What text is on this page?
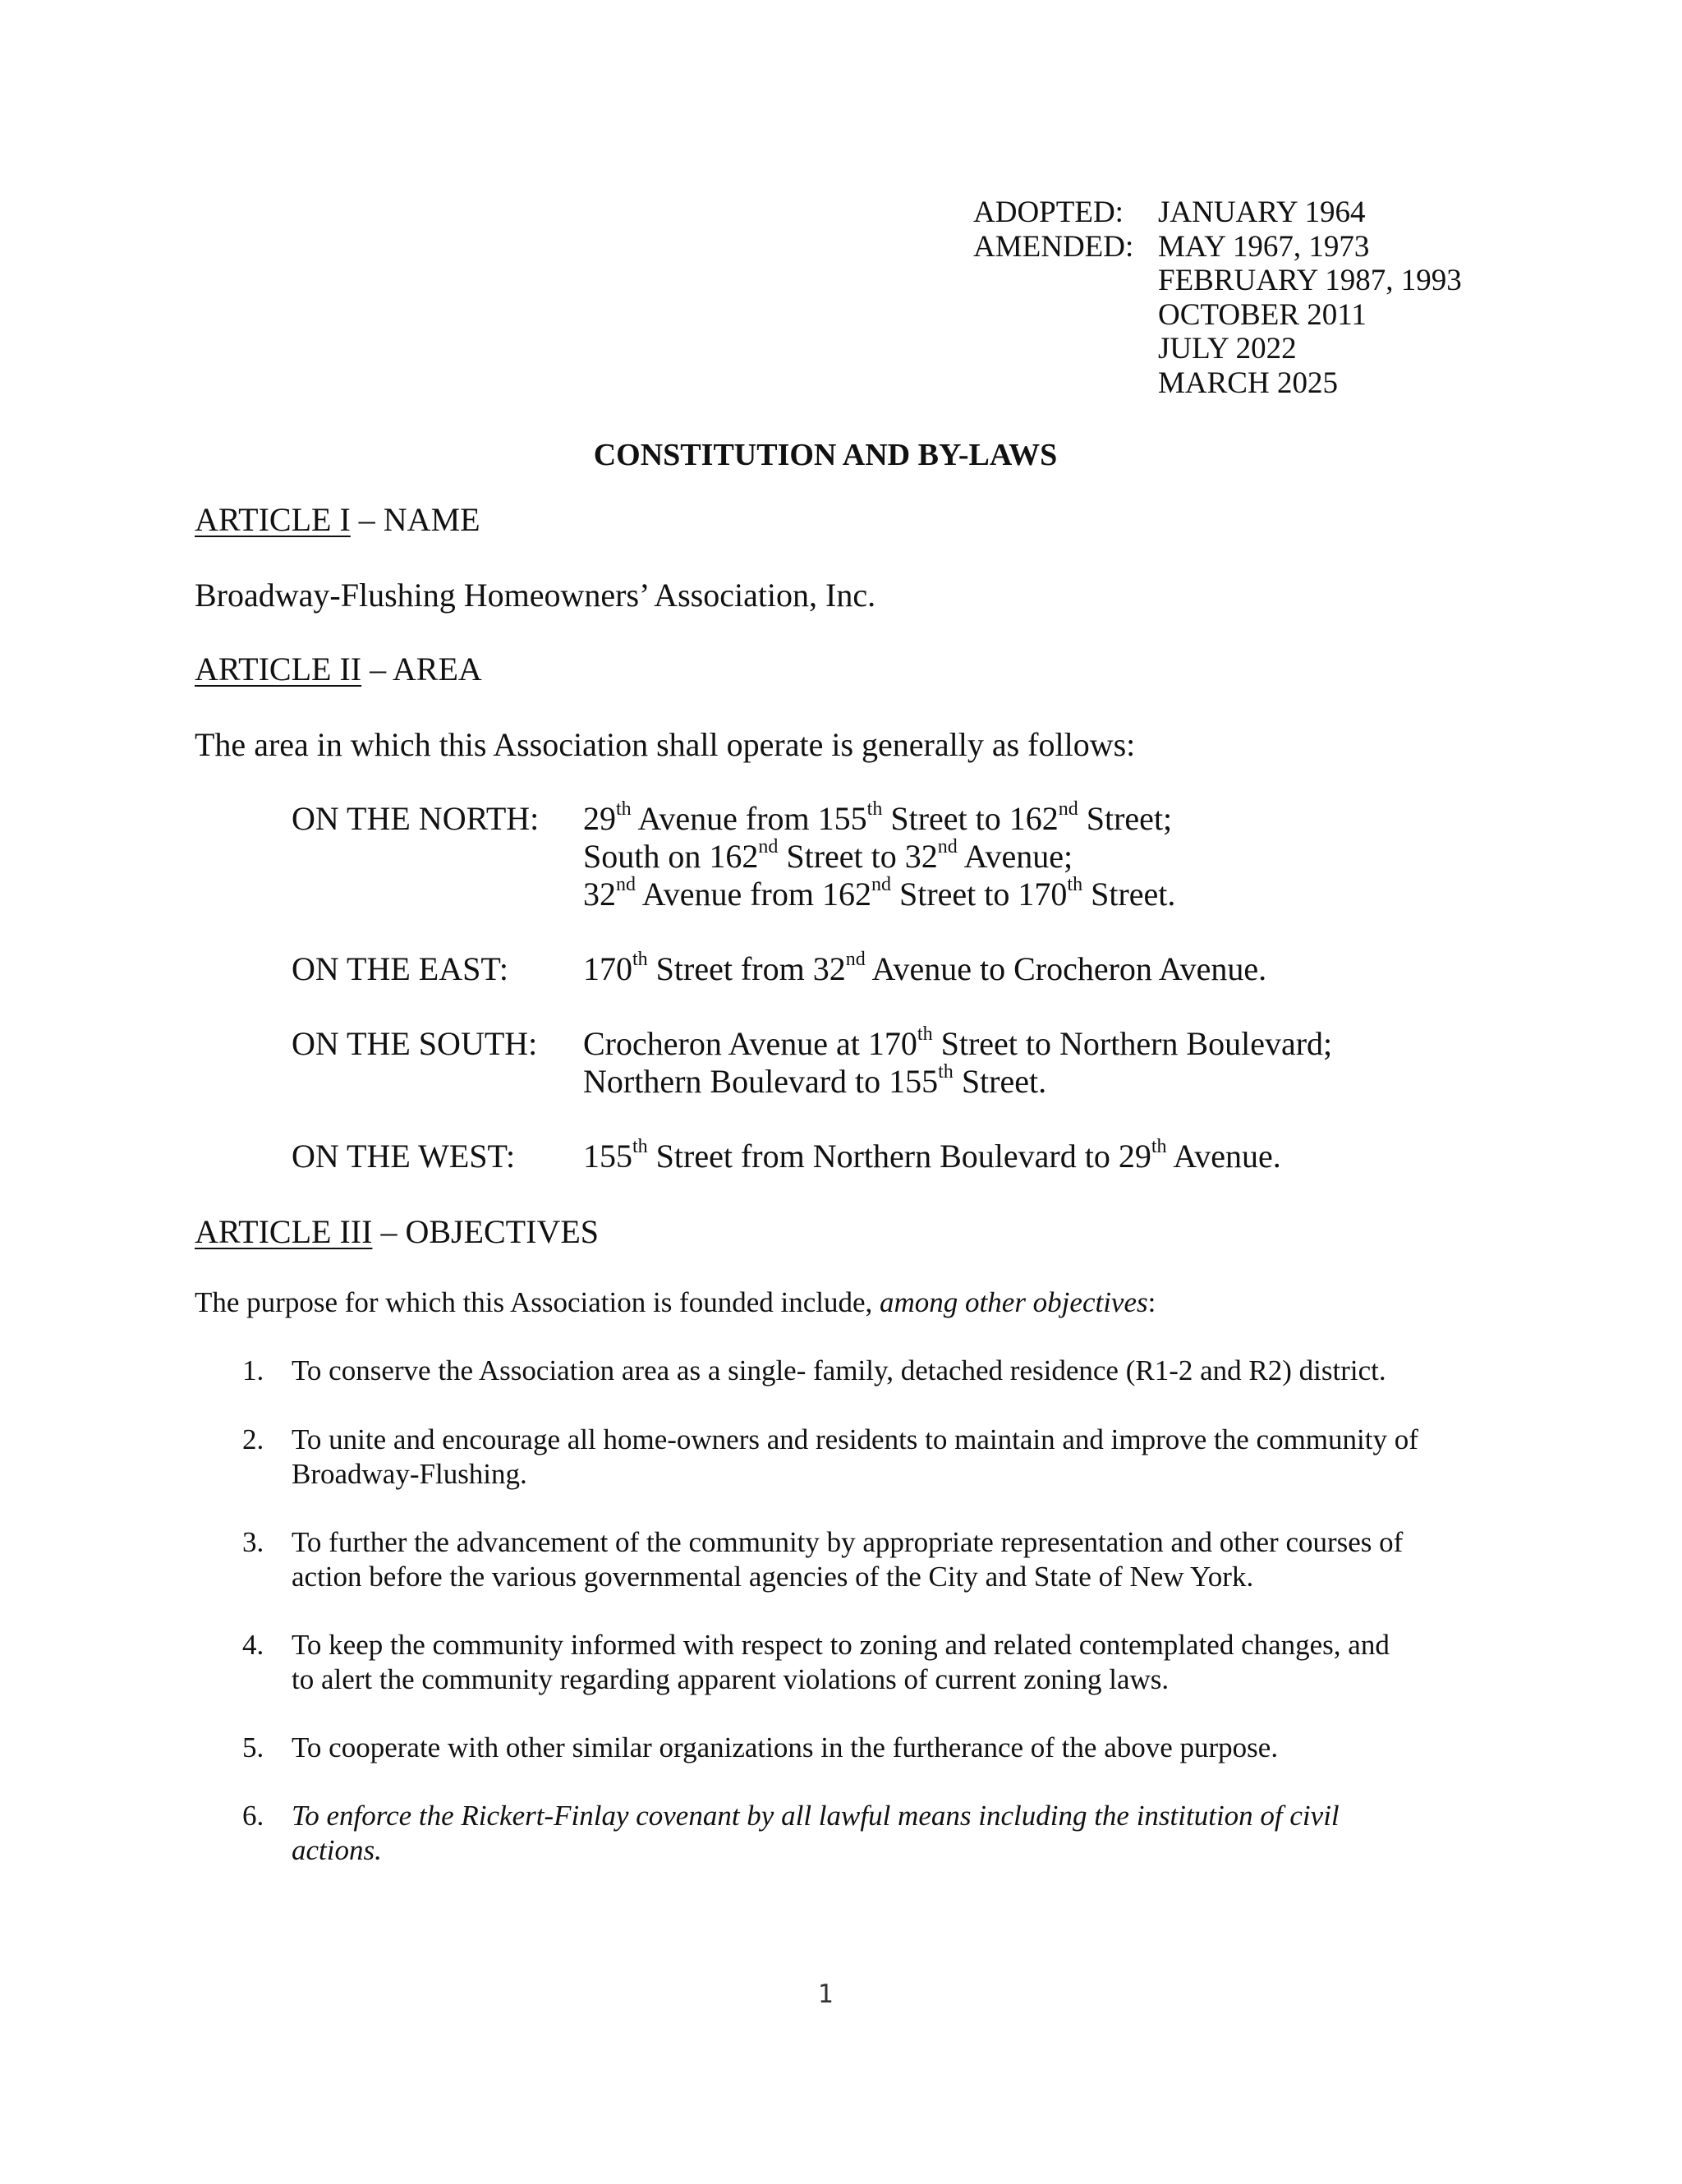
ADOPTED: JANUARY 1964
AMENDED: MAY 1967, 1973
FEBRUARY 1987, 1993
OCTOBER 2011
JULY 2022
MARCH 2025
CONSTITUTION AND BY-LAWS
ARTICLE I – NAME
Broadway-Flushing Homeowners’ Association, Inc.
ARTICLE II – AREA
The area in which this Association shall operate is generally as follows:
ON THE NORTH: 29th Avenue from 155th Street to 162nd Street;
South on 162nd Street to 32nd Avenue;
32nd Avenue from 162nd Street to 170th Street.
ON THE EAST: 170th Street from 32nd Avenue to Crocheron Avenue.
ON THE SOUTH: Crocheron Avenue at 170th Street to Northern Boulevard;
Northern Boulevard to 155th Street.
ON THE WEST: 155th Street from Northern Boulevard to 29th Avenue.
ARTICLE III – OBJECTIVES
The purpose for which this Association is founded include, among other objectives:
1. To conserve the Association area as a single- family, detached residence (R1-2 and R2) district.
2. To unite and encourage all home-owners and residents to maintain and improve the community of
Broadway-Flushing.
3. To further the advancement of the community by appropriate representation and other courses of
action before the various governmental agencies of the City and State of New York.
4. To keep the community informed with respect to zoning and related contemplated changes, and
to alert the community regarding apparent violations of current zoning laws.
5. To cooperate with other similar organizations in the furtherance of the above purpose.
6. To enforce the Rickert-Finlay covenant by all lawful means including the institution of civil
actions.
1
